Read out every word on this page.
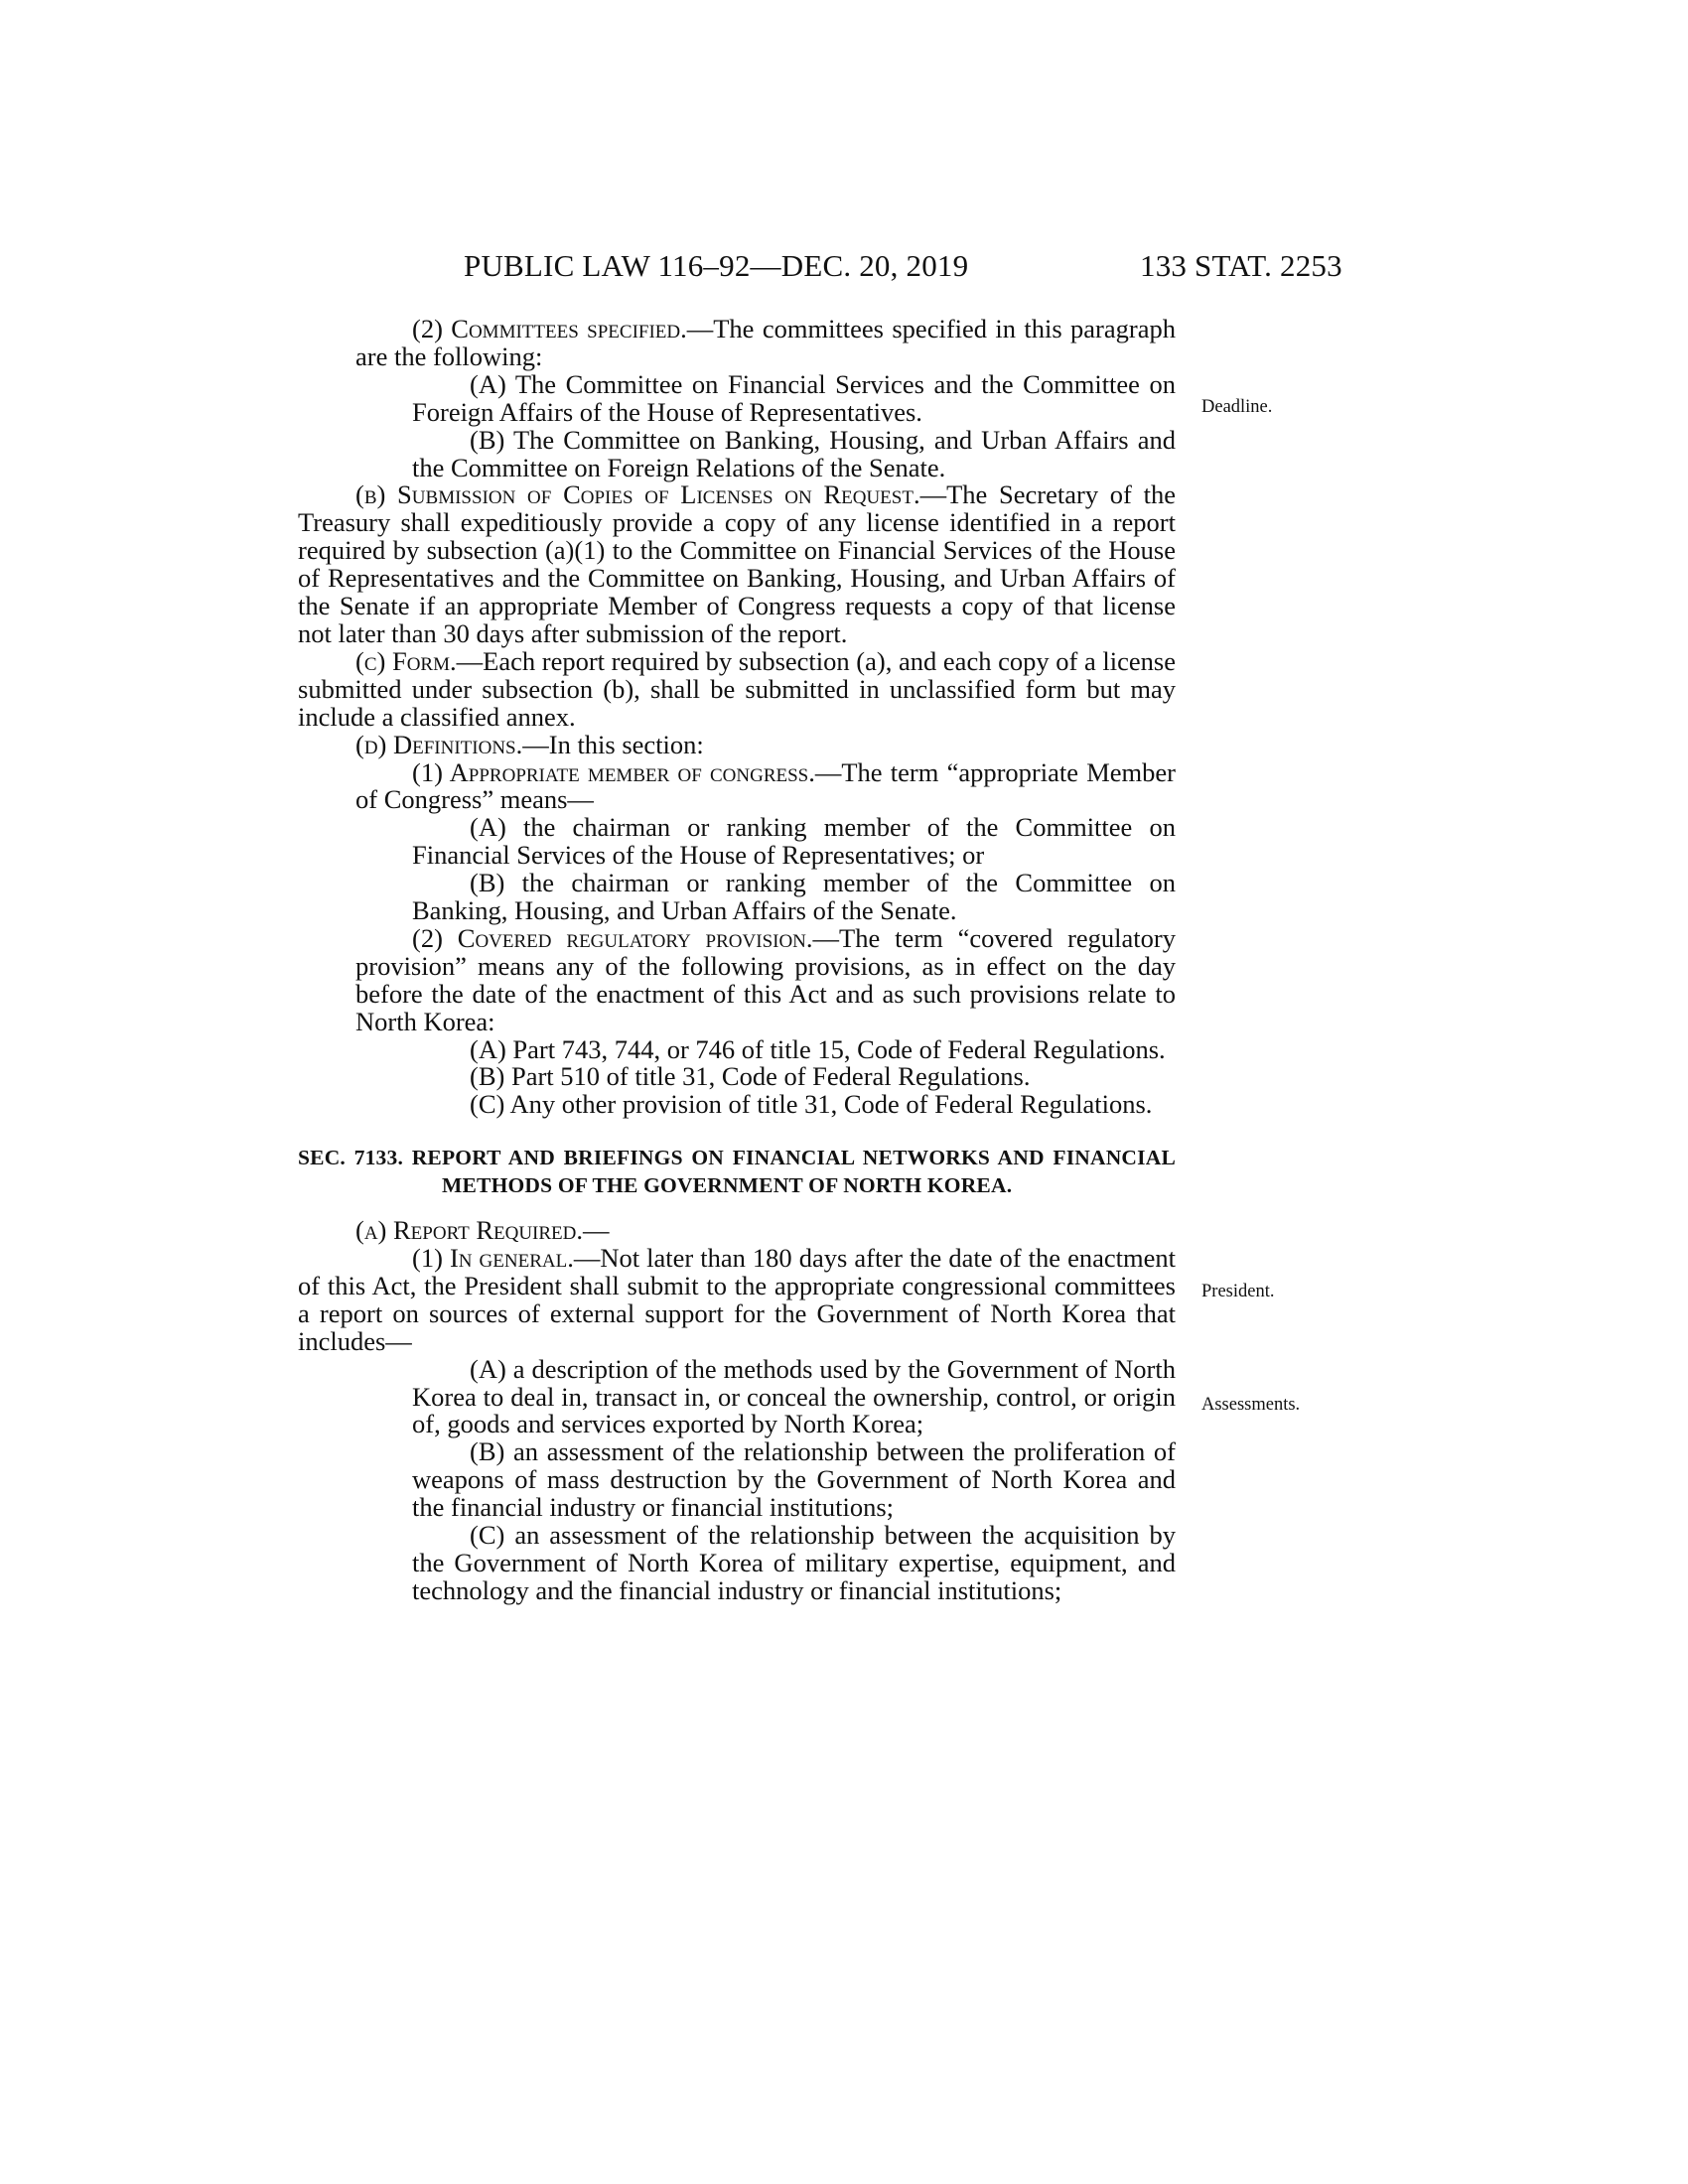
PUBLIC LAW 116–92—DEC. 20, 2019	133 STAT. 2253
Deadline.
President.
Assessments.

(2) Committees specified.—The committees specified in this paragraph are the following:

(A) The Committee on Financial Services and the Committee on Foreign Affairs of the House of Representatives.

(B) The Committee on Banking, Housing, and Urban Affairs and the Committee on Foreign Relations of the Senate.

(b) Submission of Copies of Licenses on Request.—The Secretary of the Treasury shall expeditiously provide a copy of any license identified in a report required by subsection (a)(1) to the Committee on Financial Services of the House of Representatives and the Committee on Banking, Housing, and Urban Affairs of the Senate if an appropriate Member of Congress requests a copy of that license not later than 30 days after submission of the report.

(c) Form.—Each report required by subsection (a), and each copy of a license submitted under subsection (b), shall be submitted in unclassified form but may include a classified annex.

(d) Definitions.—In this section:

(1) Appropriate member of congress.—The term “appropriate Member of Congress” means—

(A) the chairman or ranking member of the Committee on Financial Services of the House of Representatives; or

(B) the chairman or ranking member of the Committee on Banking, Housing, and Urban Affairs of the Senate.

(2) Covered regulatory provision.—The term “covered regulatory provision” means any of the following provisions, as in effect on the day before the date of the enactment of this Act and as such provisions relate to North Korea:

(A) Part 743, 744, or 746 of title 15, Code of Federal Regulations.

(B) Part 510 of title 31, Code of Federal Regulations.

(C) Any other provision of title 31, Code of Federal Regulations.

SEC. 7133. REPORT AND BRIEFINGS ON FINANCIAL NETWORKS AND FINANCIAL METHODS OF THE GOVERNMENT OF NORTH KOREA.

(a) Report Required.—

(1) In general.—Not later than 180 days after the date of the enactment of this Act, the President shall submit to the appropriate congressional committees a report on sources of external support for the Government of North Korea that includes—

(A) a description of the methods used by the Government of North Korea to deal in, transact in, or conceal the ownership, control, or origin of, goods and services exported by North Korea;

(B) an assessment of the relationship between the proliferation of weapons of mass destruction by the Government of North Korea and the financial industry or financial institutions;

(C) an assessment of the relationship between the acquisition by the Government of North Korea of military expertise, equipment, and technology and the financial industry or financial institutions;
